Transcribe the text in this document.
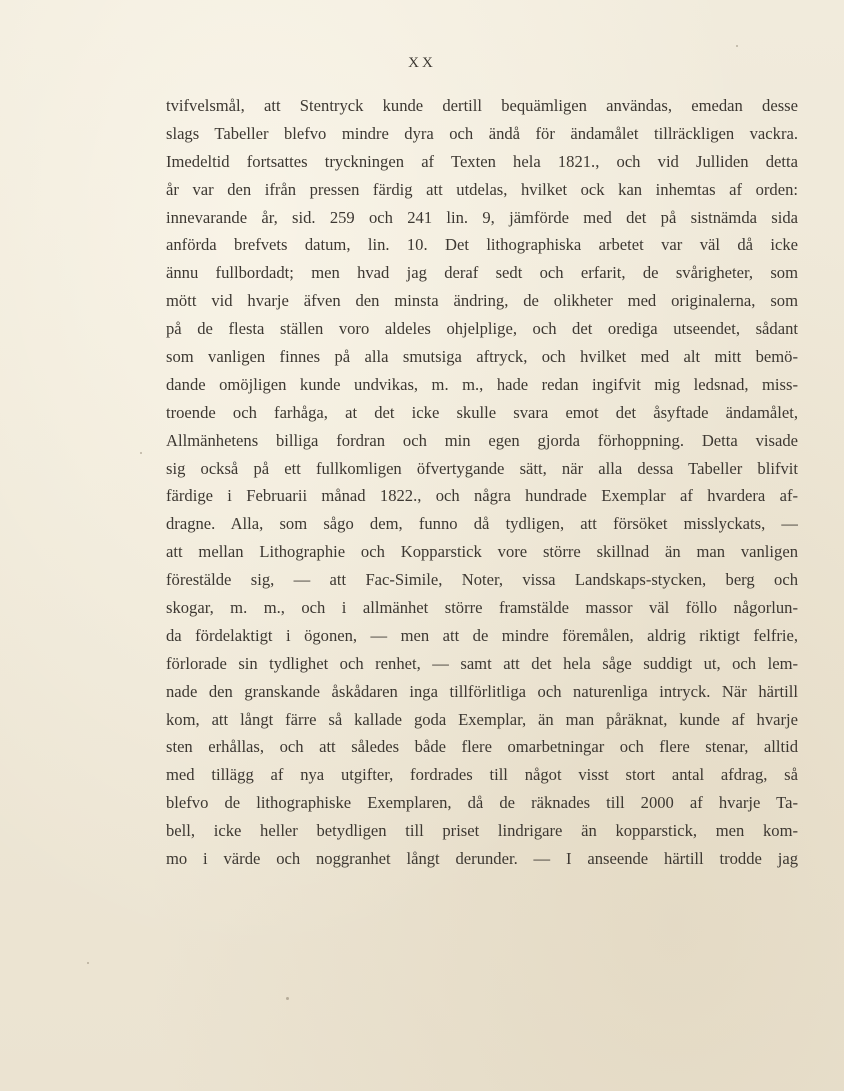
XX
tvifvelsmål, att Stentryck kunde dertill bequämligen användas, emedan desse
slags Tabeller blefvo mindre dyra och ändå för ändamålet tillräckligen vackra.
Imedeltid fortsattes tryckningen af Texten hela 1821., och vid Julliden detta
år var den ifrån pressen färdig att utdelas, hvilket ock kan inhemtas af orden:
innevarande år, sid. 259 och 241 lin. 9, jämförde med det på sistnämda sida
anförda brefvets datum, lin. 10. Det lithographiska arbetet var väl då icke
ännu fullbordadt; men hvad jag deraf sedt och erfarit, de svårigheter, som
mött vid hvarje äfven den minsta ändring, de olikheter med originalerna, som
på de flesta ställen voro aldeles ohjelplige, och det orediga utseendet, sådant
som vanligen finnes på alla smutsiga aftryck, och hvilket med alt mitt bemö-
dande omöjligen kunde undvikas, m. m., hade redan ingifvit mig ledsnad, miss-
troende och farhåga, at det icke skulle svara emot det åsyftade ändamålet,
Allmänhetens billiga fordran och min egen gjorda förhoppning. Detta visade
sig också på ett fullkomligen öfvertygande sätt, när alla dessa Tabeller blifvit
färdige i Februarii månad 1822., och några hundrade Exemplar af hvardera af-
dragne. Alla, som sågo dem, funno då tydligen, att försöket misslyckats, —
att mellan Lithographie och Kopparstick vore större skillnad än man vanligen
förestälde sig, — att Fac-Simile, Noter, vissa Landskaps-stycken, berg och
skogar, m. m., och i allmänhet större framstälde massor väl föllo någorlun-
da fördelaktigt i ögonen, — men att de mindre föremålen, aldrig riktigt felfrie,
förlorade sin tydlighet och renhet, — samt att det hela såge suddigt ut, och lem-
nade den granskande åskådaren inga tillförlitliga och naturenliga intryck. När härtill
kom, att långt färre så kallade goda Exemplar, än man påräknat, kunde af hvarje
sten erhållas, och att således både flere omarbetningar och flere stenar, alltid
med tillägg af nya utgifter, fordrades till något visst stort antal afdrag, så
blefvo de lithographiske Exemplaren, då de räknades till 2000 af hvarje Ta-
bell, icke heller betydligen till priset lindrigare än kopparstick, men kom-
mo i värde och noggranhet långt derunder. — I anseende härtill trodde jag
